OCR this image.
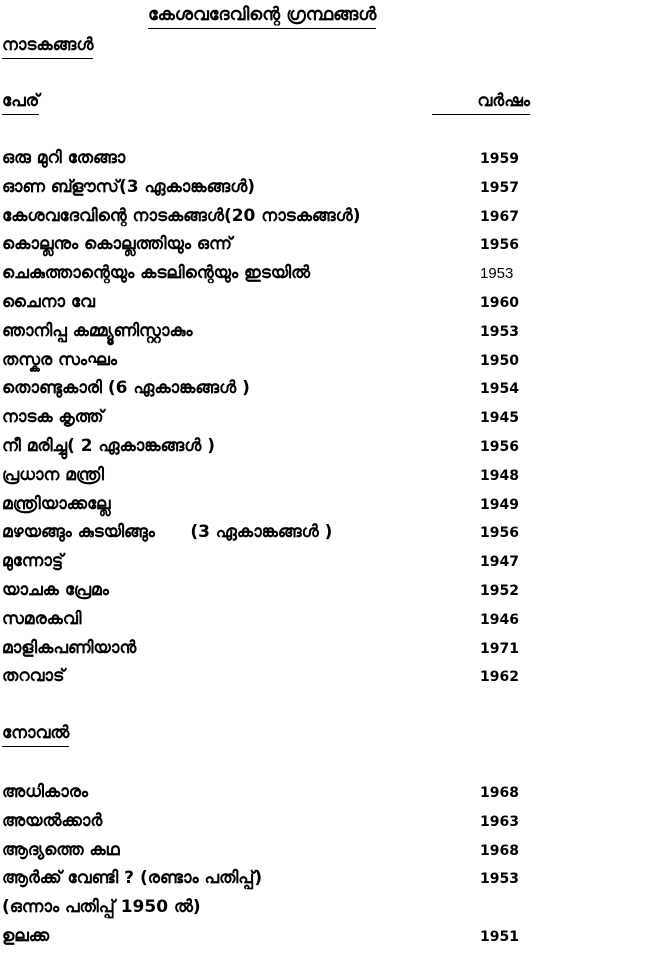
കേശവദേവിന്റെ ഗ്രന്ഥങ്ങൾ
നാടകങ്ങൾ
പേര്	വർഷം
ഒരു മുറി തേങ്ങാ	1959
ഓണ ബ്ളൗസ്(3 ഏകാങ്കങ്ങൾ)	1957
കേശവദേവിന്റെ നാടകങ്ങൾ(20 നാടകങ്ങൾ)	1967
കൊല്ലനും കൊല്ലത്തിയും ഒന്ന്	1956
ചെകുത്താന്റെയും കടലിന്റെയും ഇടയിൽ	1953
ചൈനാ വേ	1960
ഞാനിപ്പ കമ്മ്യൂണിസ്റ്റാകും	1953
തസ്കര സംഘം	1950
തൊണ്ടുകാരി (6 ഏകാങ്കങ്ങൾ )	1954
നാടക കൃത്ത്	1945
നീ മരിച്ചു( 2 ഏകാങ്കങ്ങൾ )	1956
പ്രധാന മന്ത്രി	1948
മന്ത്രിയാക്കല്ലേ	1949
മഴയങ്ങും കുടയിങ്ങും      (3 ഏകാങ്കങ്ങൾ )	1956
മുന്നോട്ട്	1947
യാചക പ്രേമം	1952
സമരകവി	1946
മാളികപണിയാൻ	1971
തറവാട്	1962
നോവൽ
അധികാരം	1968
അയൽക്കാർ	1963
ആദ്യത്തെ കഥ	1968
ആർക്ക് വേണ്ടി ? (രണ്ടാം പതിപ്പ്)	1953
(ഒന്നാം പതിപ്പ് 1950 ൽ)
ഉലക്ക	1951
